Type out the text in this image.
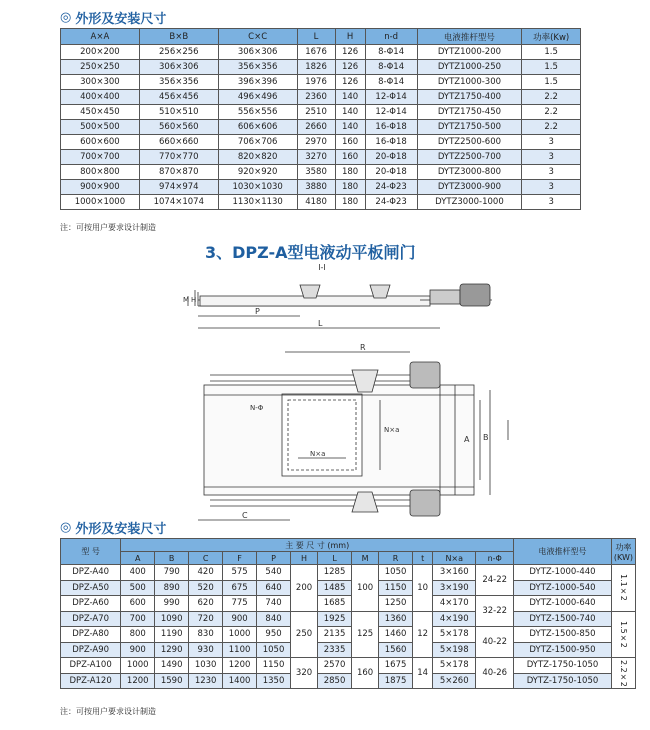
◎ 外形及安装尺寸
A×A	B×B	C×C	L	H	n-d	电液推杆型号	功率(Kw)
200×200	256×256	306×306	1676	126	8-Φ14	DYTZ1000-200	1.5
250×250	306×306	356×356	1826	126	8-Φ14	DYTZ1000-250	1.5
300×300	356×356	396×396	1976	126	8-Φ14	DYTZ1000-300	1.5
400×400	456×456	496×496	2360	140	12-Φ14	DYTZ1750-400	2.2
450×450	510×510	556×556	2510	140	12-Φ14	DYTZ1750-450	2.2
500×500	560×560	606×606	2660	140	16-Φ18	DYTZ1750-500	2.2
600×600	660×660	706×706	2970	160	16-Φ18	DYTZ2500-600	3
700×700	770×770	820×820	3270	160	20-Φ18	DYTZ2500-700	3
800×800	870×870	920×920	3580	180	20-Φ18	DYTZ3000-800	3
900×900	974×974	1030×1030	3880	180	24-Φ23	DYTZ3000-900	3
1000×1000	1074×1074	1130×1130	4180	180	24-Φ23	DYTZ3000-1000	3
注：可按用户要求设计制造
3、DPZ-A型电液动平板闸门
I-I
M H
P
L
R
N-Φ
N×a
N×a
A B
C
◎ 外形及安装尺寸
型 号	主 要 尺 寸 (mm)												电液推杆型号	功率(KW)
	A	B	C	F	P	H	L	M	R	t	N×a	n-Φ		
DPZ-A40	400	790	420	575	540	200	1285	100	1050	10	3×160	24-22	DYTZ-1000-440	1.1×2
DPZ-A50	500	890	520	675	640		1485		1150		3×190		DYTZ-1000-540	
DPZ-A60	600	990	620	775	740		1685		1250		4×170	32-22	DYTZ-1000-640	
DPZ-A70	700	1090	720	900	840	250	1925	125	1360	12	4×190		DYTZ-1500-740	1.5×2
DPZ-A80	800	1190	830	1000	950		2135		1460		5×178	40-22	DYTZ-1500-850	
DPZ-A90	900	1290	930	1100	1050		2335		1560		5×198		DYTZ-1500-950	
DPZ-A100	1000	1490	1030	1200	1150	320	2570	160	1675	14	5×178	40-26	DYTZ-1750-1050	2.2×2
DPZ-A120	1200	1590	1230	1400	1350		2850		1875		5×260		DYTZ-1750-1050	
注：可按用户要求设计制造
